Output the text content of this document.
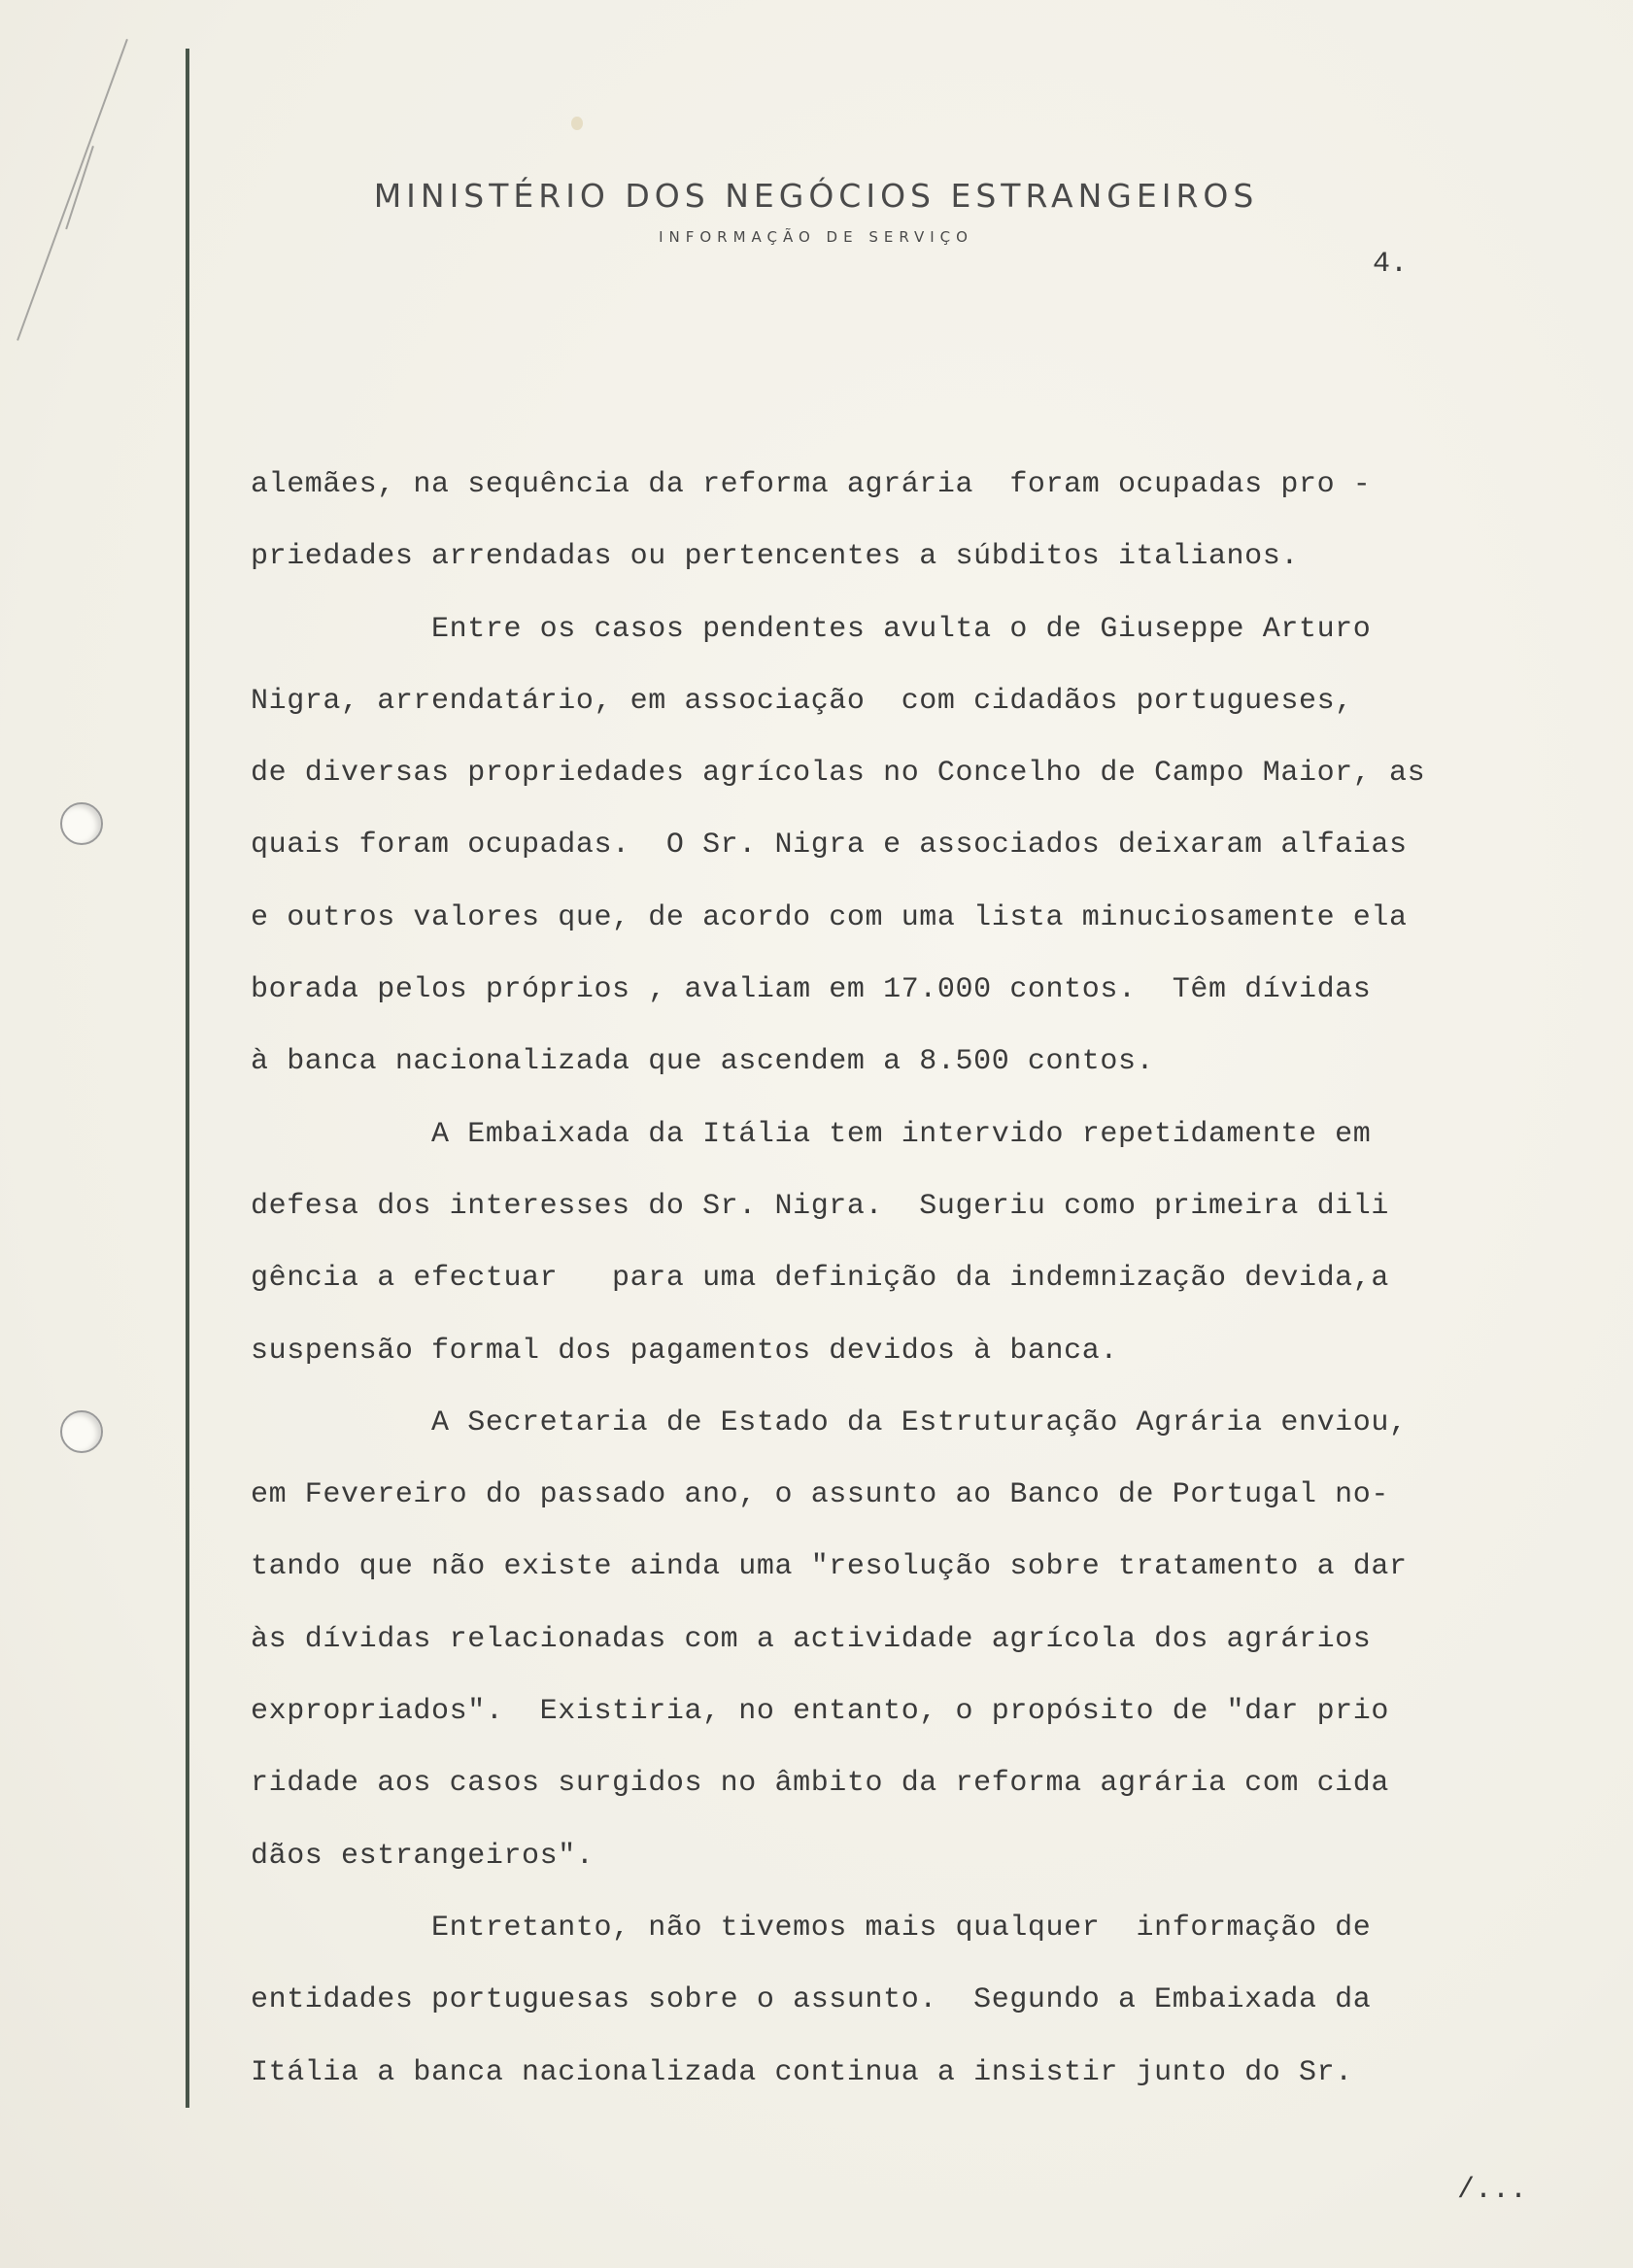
MINISTÉRIO DOS NEGÓCIOS ESTRANGEIROS
INFORMAÇÃO DE SERVIÇO
4.
alemães, na sequência da reforma agrária  foram ocupadas pro -
priedades arrendadas ou pertencentes a súbditos italianos.
Entre os casos pendentes avulta o de Giuseppe Arturo
Nigra, arrendatário, em associação  com cidadãos portugueses,
de diversas propriedades agrícolas no Concelho de Campo Maior, as
quais foram ocupadas.  O Sr. Nigra e associados deixaram alfaias
e outros valores que, de acordo com uma lista minuciosamente ela
borada pelos próprios , avaliam em 17.000 contos.  Têm dívidas
à banca nacionalizada que ascendem a 8.500 contos.
A Embaixada da Itália tem intervido repetidamente em
defesa dos interesses do Sr. Nigra.  Sugeriu como primeira dili
gência a efectuar   para uma definição da indemnização devida,a
suspensão formal dos pagamentos devidos à banca.
A Secretaria de Estado da Estruturação Agrária enviou,
em Fevereiro do passado ano, o assunto ao Banco de Portugal no-
tando que não existe ainda uma "resolução sobre tratamento a dar
às dívidas relacionadas com a actividade agrícola dos agrários
expropriados".  Existiria, no entanto, o propósito de "dar prio
ridade aos casos surgidos no âmbito da reforma agrária com cida
dãos estrangeiros".
Entretanto, não tivemos mais qualquer  informação de
entidades portuguesas sobre o assunto.  Segundo a Embaixada da
Itália a banca nacionalizada continua a insistir junto do Sr.
/...
